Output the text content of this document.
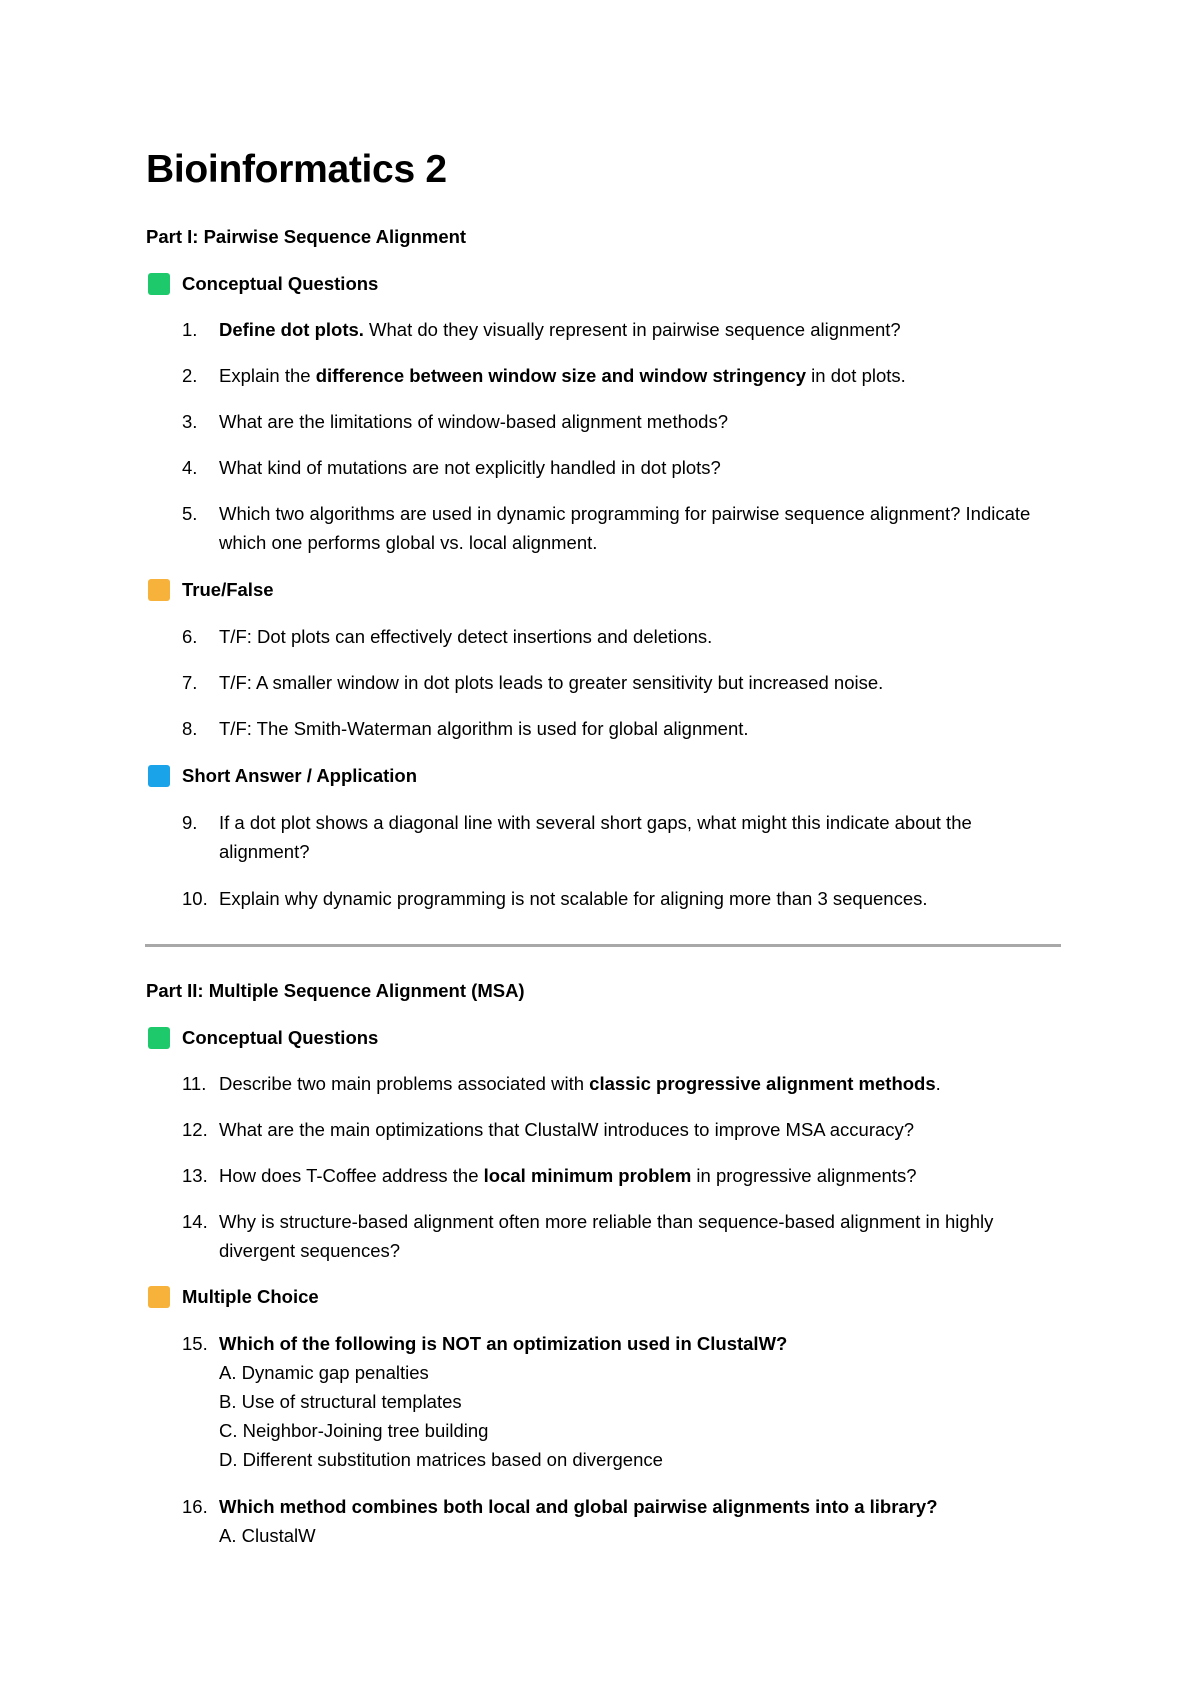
Bioinformatics 2
Part I: Pairwise Sequence Alignment
Conceptual Questions
1.	Define dot plots. What do they visually represent in pairwise sequence alignment?
2.	Explain the difference between window size and window stringency in dot plots.
3.	What are the limitations of window-based alignment methods?
4.	What kind of mutations are not explicitly handled in dot plots?
5.	Which two algorithms are used in dynamic programming for pairwise sequence alignment? Indicate which one performs global vs. local alignment.
True/False
6.	T/F: Dot plots can effectively detect insertions and deletions.
7.	T/F: A smaller window in dot plots leads to greater sensitivity but increased noise.
8.	T/F: The Smith-Waterman algorithm is used for global alignment.
Short Answer / Application
9.	If a dot plot shows a diagonal line with several short gaps, what might this indicate about the alignment?
10. Explain why dynamic programming is not scalable for aligning more than 3 sequences.
Part II: Multiple Sequence Alignment (MSA)
Conceptual Questions
11. Describe two main problems associated with classic progressive alignment methods.
12. What are the main optimizations that ClustalW introduces to improve MSA accuracy?
13. How does T-Coffee address the local minimum problem in progressive alignments?
14. Why is structure-based alignment often more reliable than sequence-based alignment in highly divergent sequences?
Multiple Choice
15. Which of the following is NOT an optimization used in ClustalW?
A. Dynamic gap penalties
B. Use of structural templates
C. Neighbor-Joining tree building
D. Different substitution matrices based on divergence
16. Which method combines both local and global pairwise alignments into a library?
A. ClustalW
